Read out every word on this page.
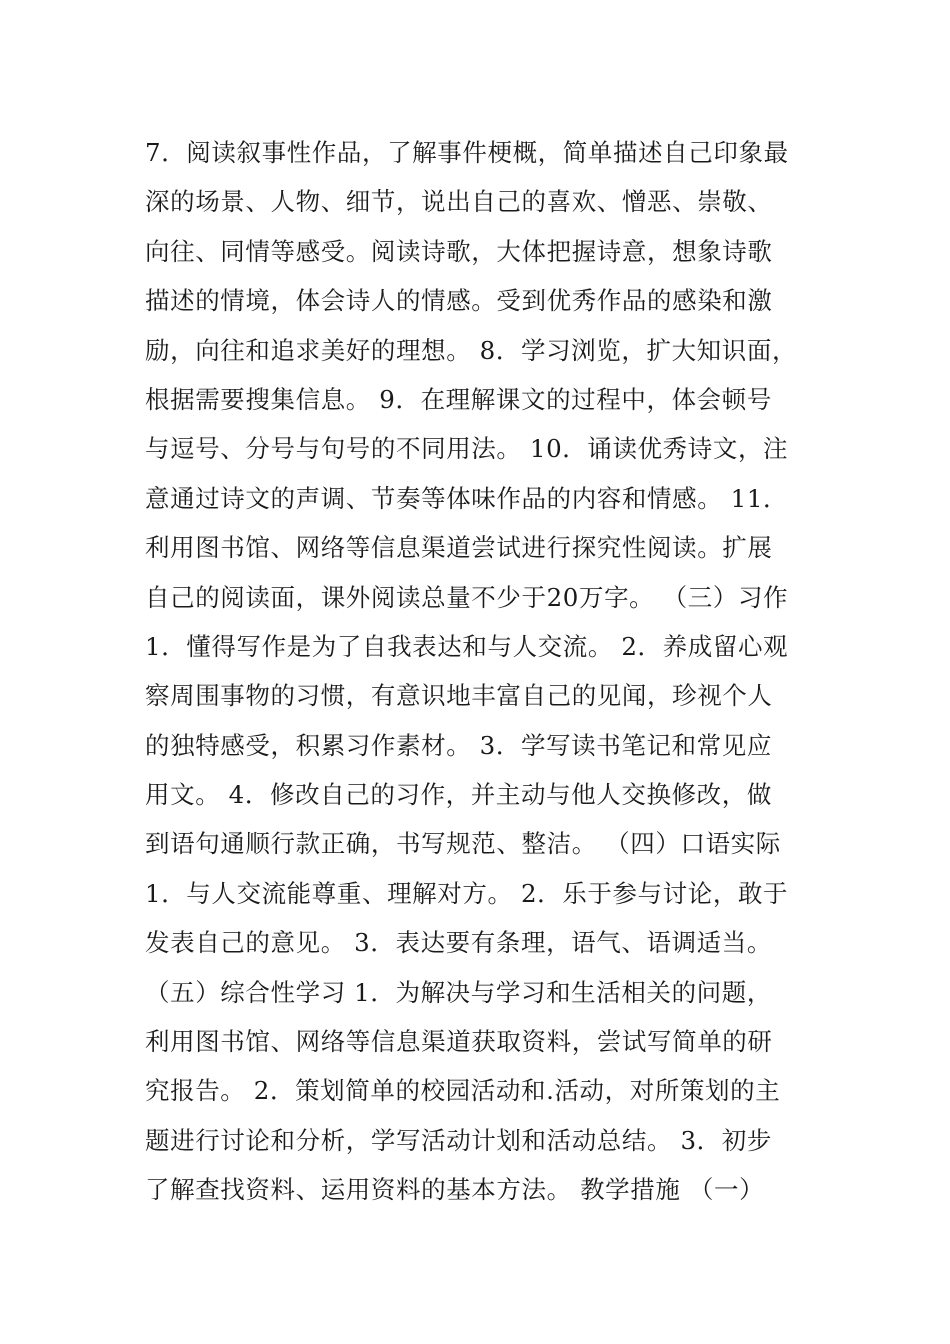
7．阅读叙事性作品，了解事件梗概，简单描述自己印象最
深的场景、人物、细节，说出自己的喜欢、憎恶、崇敬、
向往、同情等感受。阅读诗歌，大体把握诗意，想象诗歌
描述的情境，体会诗人的情感。受到优秀作品的感染和激
励，向往和追求美好的理想。 8．学习浏览，扩大知识面，
根据需要搜集信息。 9．在理解课文的过程中，体会顿号
与逗号、分号与句号的不同用法。 10．诵读优秀诗文，注
意通过诗文的声调、节奏等体味作品的内容和情感。 11．
利用图书馆、网络等信息渠道尝试进行探究性阅读。扩展
自己的阅读面，课外阅读总量不少于20万字。 （三）习作
1．懂得写作是为了自我表达和与人交流。 2．养成留心观
察周围事物的习惯，有意识地丰富自己的见闻，珍视个人
的独特感受，积累习作素材。 3．学写读书笔记和常见应
用文。 4．修改自己的习作，并主动与他人交换修改，做
到语句通顺行款正确，书写规范、整洁。 （四）口语实际
1．与人交流能尊重、理解对方。 2．乐于参与讨论，敢于
发表自己的意见。 3．表达要有条理，语气、语调适当。
（五）综合性学习 1．为解决与学习和生活相关的问题，
利用图书馆、网络等信息渠道获取资料，尝试写简单的研
究报告。 2．策划简单的校园活动和.活动，对所策划的主
题进行讨论和分析，学写活动计划和活动总结。 3．初步
了解查找资料、运用资料的基本方法。 教学措施 （一）
